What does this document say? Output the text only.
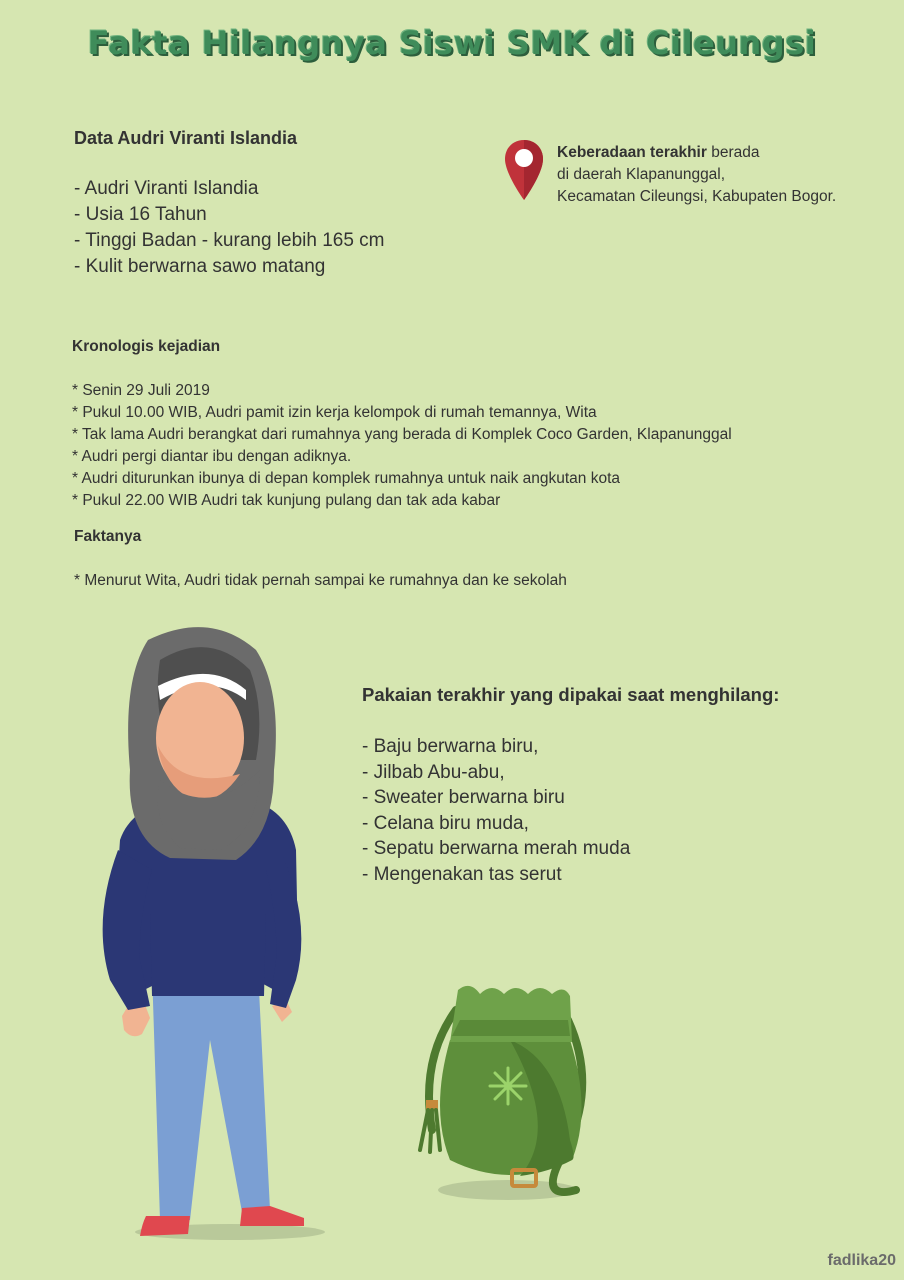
Fakta Hilangnya Siswi SMK di Cileungsi
Data Audri Viranti Islandia
- Audri Viranti Islandia
- Usia 16 Tahun
- Tinggi Badan - kurang lebih 165 cm
- Kulit berwarna sawo matang
Keberadaan terakhir berada
di daerah Klapanunggal,
Kecamatan Cileungsi, Kabupaten Bogor.
Kronologis kejadian
* Senin 29 Juli 2019
* Pukul 10.00 WIB, Audri pamit izin kerja kelompok di rumah temannya, Wita
* Tak lama Audri berangkat dari rumahnya yang berada di Komplek Coco Garden, Klapanunggal
* Audri pergi diantar ibu dengan adiknya.
* Audri diturunkan ibunya di depan komplek rumahnya untuk naik angkutan kota
* Pukul 22.00 WIB Audri tak kunjung pulang dan tak ada kabar
Faktanya
* Menurut Wita, Audri tidak pernah sampai ke rumahnya dan ke sekolah
Pakaian terakhir yang dipakai saat menghilang:
- Baju berwarna biru,
- Jilbab Abu-abu,
- Sweater berwarna biru
- Celana biru muda,
- Sepatu berwarna merah muda
- Mengenakan tas serut
fadlika20
